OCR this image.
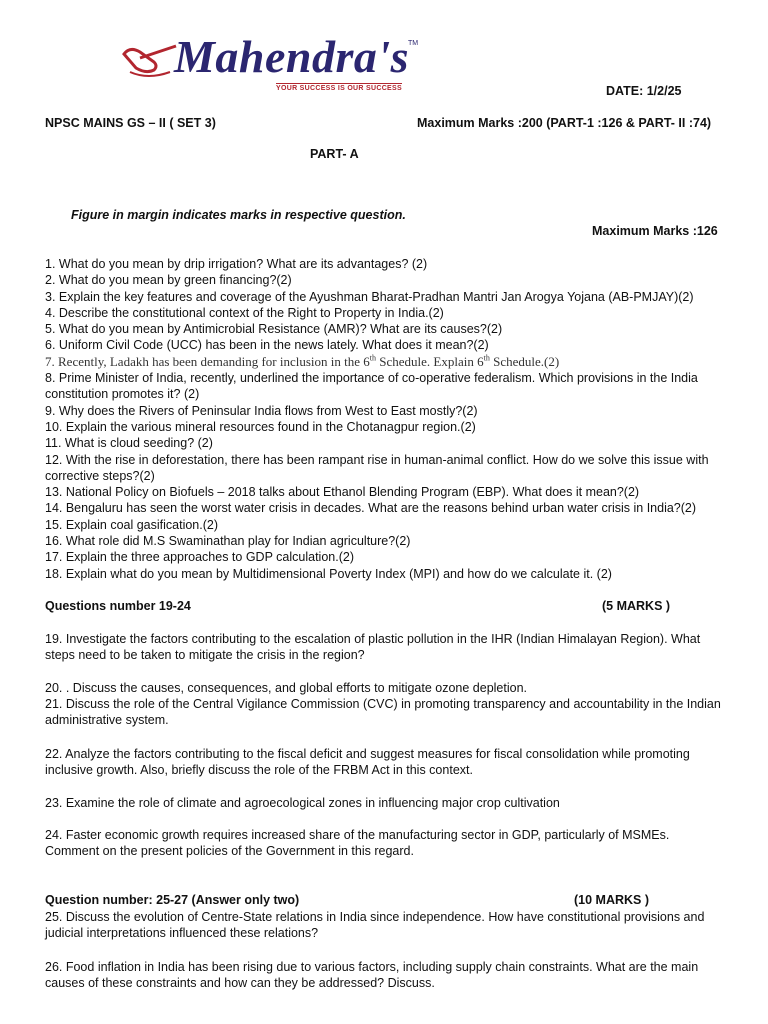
Mahendra's
TM
YOUR SUCCESS IS OUR SUCCESS	DATE: 1/2/25
NPSC MAINS GS – II ( SET 3)	Maximum Marks :200 (PART-1 :126 & PART- II :74)
PART- A
Figure in margin indicates marks in respective question.
Maximum Marks :126

1. What do you mean by drip irrigation? What are its advantages? (2)

2. What do you mean by green financing?(2)

3. Explain the key features and coverage of the Ayushman Bharat-Pradhan Mantri Jan Arogya Yojana (AB-PMJAY)(2)

4. Describe the constitutional context of the Right to Property in India.(2)

5. What do you mean by Antimicrobial Resistance (AMR)? What are its causes?(2)

6. Uniform Civil Code (UCC) has been in the news lately. What does it mean?(2)

7. Recently, Ladakh has been demanding for inclusion in the 6th Schedule. Explain 6th Schedule.(2)

8. Prime Minister of India, recently, underlined the importance of co-operative federalism. Which provisions in the India constitution promotes it? (2)

9. Why does the Rivers of Peninsular India flows from West to East mostly?(2)

10. Explain the various mineral resources found in the Chotanagpur region.(2)

11. What is cloud seeding? (2)

12. With the rise in deforestation, there has been rampant rise in human-animal conflict. How do we solve this issue with corrective steps?(2)

13. National Policy on Biofuels – 2018 talks about Ethanol Blending Program (EBP). What does it mean?(2)

14. Bengaluru has seen the worst water crisis in decades. What are the reasons behind urban water crisis in India?(2)

15. Explain coal gasification.(2)

16. What role did M.S Swaminathan play for Indian agriculture?(2)

17. Explain the three approaches to GDP calculation.(2)

18. Explain what do you mean by Multidimensional Poverty Index (MPI) and how do we calculate it. (2)

Questions number 19-24	(5 MARKS )
19. Investigate the factors contributing to the escalation of plastic pollution in the IHR (Indian Himalayan Region). What steps need to be taken to mitigate the crisis in the region?
20. . Discuss the causes, consequences, and global efforts to mitigate ozone depletion.
21. Discuss the role of the Central Vigilance Commission (CVC) in promoting transparency and accountability in the Indian administrative system.
22. Analyze the factors contributing to the fiscal deficit and suggest measures for fiscal consolidation while promoting inclusive growth. Also, briefly discuss the role of the FRBM Act in this context.
23. Examine the role of climate and agroecological zones in influencing major crop cultivation
24. Faster economic growth requires increased share of the manufacturing sector in GDP, particularly of MSMEs. Comment on the present policies of the Government in this regard.
Question number: 25-27 (Answer only two)	(10 MARKS )
25. Discuss the evolution of Centre-State relations in India since independence. How have constitutional provisions and judicial interpretations influenced these relations?
26. Food inflation in India has been rising due to various factors, including supply chain constraints. What are the main causes of these constraints and how can they be addressed? Discuss.
